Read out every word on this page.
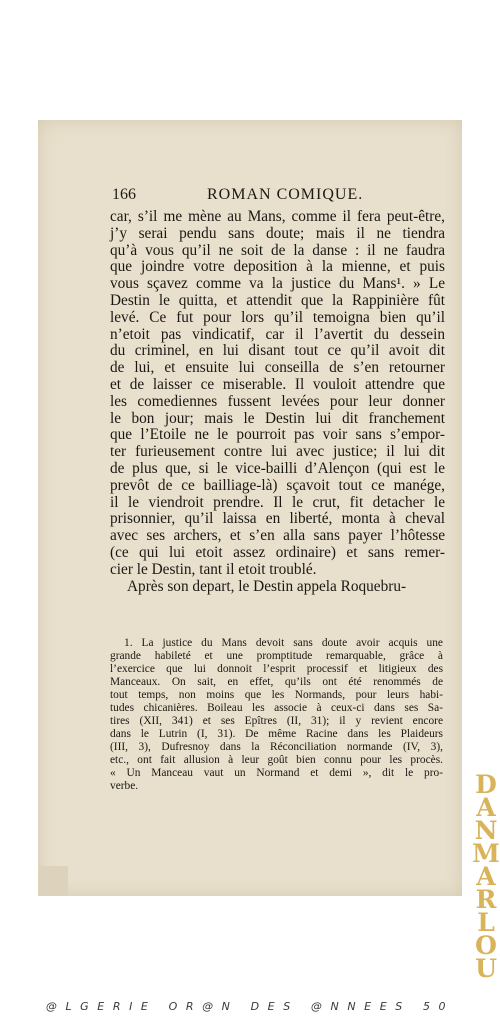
166	ROMAN COMIQUE.
car, s’il me mène au Mans, comme il fera peut-être,
j’y serai pendu sans doute; mais il ne tiendra
qu’à vous qu’il ne soit de la danse : il ne faudra
que joindre votre deposition à la mienne, et puis
vous sçavez comme va la justice du Mans¹. » Le
Destin le quitta, et attendit que la Rappinière fût
levé. Ce fut pour lors qu’il temoigna bien qu’il
n’etoit pas vindicatif, car il l’avertit du dessein
du criminel, en lui disant tout ce qu’il avoit dit
de lui, et ensuite lui conseilla de s’en retourner
et de laisser ce miserable. Il vouloit attendre que
les comediennes fussent levées pour leur donner
le bon jour; mais le Destin lui dit franchement
que l’Etoile ne le pourroit pas voir sans s’empor-
ter furieusement contre lui avec justice; il lui dit
de plus que, si le vice-bailli d’Alençon (qui est le
prevôt de ce bailliage-là) sçavoit tout ce manége,
il le viendroit prendre. Il le crut, fit detacher le
prisonnier, qu’il laissa en liberté, monta à cheval
avec ses archers, et s’en alla sans payer l’hôtesse
(ce qui lui etoit assez ordinaire) et sans remer-
cier le Destin, tant il etoit troublé.
Après son depart, le Destin appela Roquebru-
1. La justice du Mans devoit sans doute avoir acquis une
grande habileté et une promptitude remarquable, grâce à
l’exercice que lui donnoit l’esprit processif et litigieux des
Manceaux. On sait, en effet, qu’ils ont été renommés de
tout temps, non moins que les Normands, pour leurs habi-
tudes chicanières. Boileau les associe à ceux-ci dans ses Sa-
tires (XII, 341) et ses Epîtres (II, 31); il y revient encore
dans le Lutrin (I, 31). De même Racine dans les Plaideurs
(III, 3), Dufresnoy dans la Réconciliation normande (IV, 3),
etc., ont fait allusion à leur goût bien connu pour les procès.
« Un Manceau vaut un Normand et demi », dit le pro-
verbe.	D
A
N
M
A
R
L
O
U
@LGERIE OR@N DES @NNEES 50
